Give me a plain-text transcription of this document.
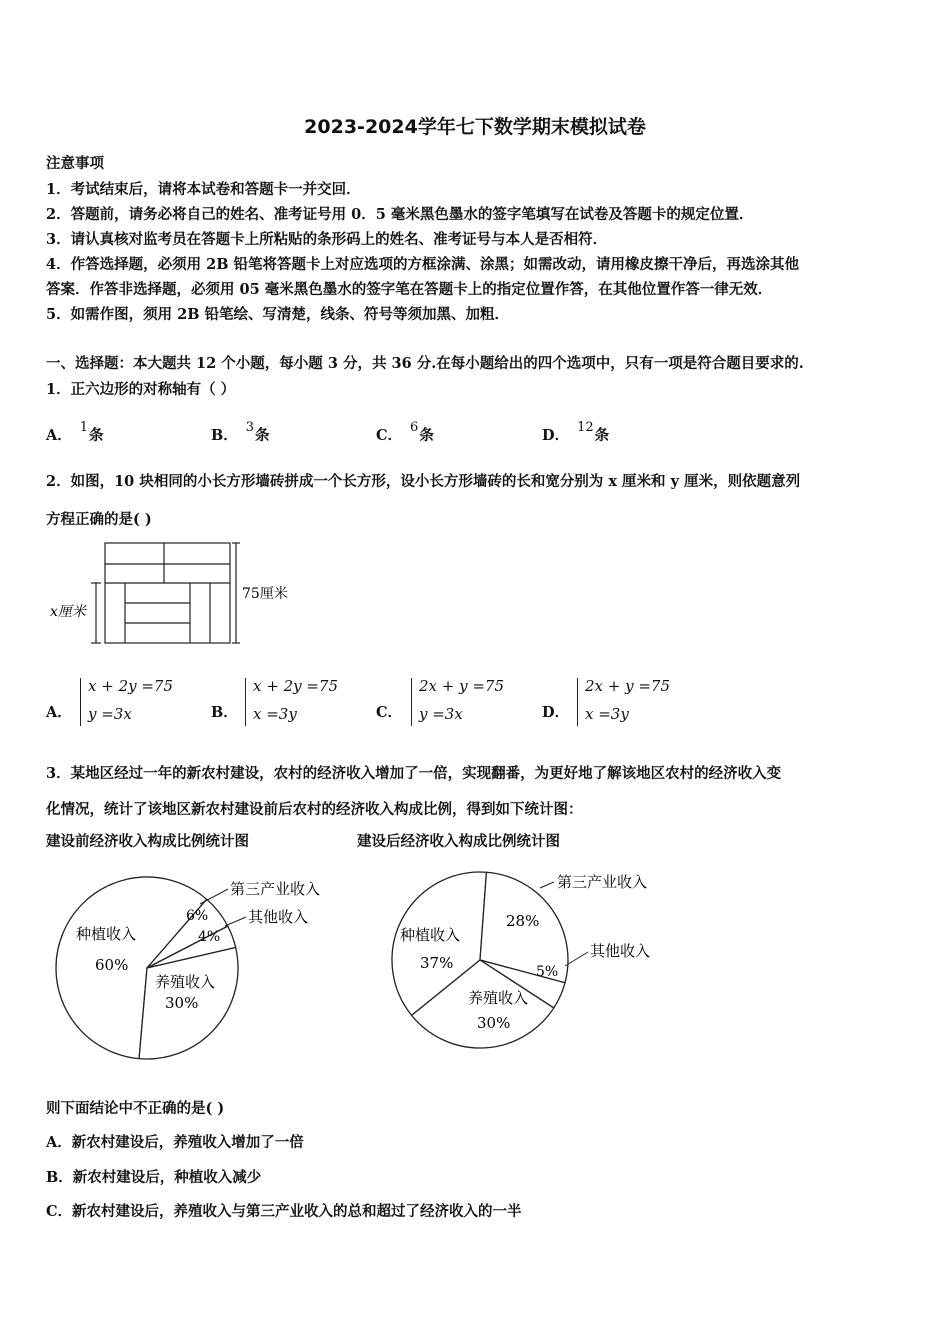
2023-2024学年七下数学期末模拟试卷
注意事项
1．考试结束后，请将本试卷和答题卡一并交回．
2．答题前，请务必将自己的姓名、准考证号用 0．5 毫米黑色墨水的签字笔填写在试卷及答题卡的规定位置．
3．请认真核对监考员在答题卡上所粘贴的条形码上的姓名、准考证号与本人是否相符．
4．作答选择题，必须用 2B 铅笔将答题卡上对应选项的方框涂满、涂黑；如需改动，请用橡皮擦干净后，再选涂其他
答案．作答非选择题，必须用 05 毫米黑色墨水的签字笔在答题卡上的指定位置作答，在其他位置作答一律无效．
5．如需作图，须用 2B 铅笔绘、写清楚，线条、符号等须加黑、加粗．
一、选择题：本大题共 12 个小题，每小题 3 分，共 36 分.在每小题给出的四个选项中，只有一项是符合题目要求的.
1．正六边形的对称轴有（ ）
A． 1条	B． 3条	C． 6条	D． 12条
2．如图，10 块相同的小长方形墙砖拼成一个长方形，设小长方形墙砖的长和宽分别为 x 厘米和 y 厘米，则依题意列
方程正确的是( )
x厘米
75厘米
A．
x + 2y =75
y =3x	B．
x + 2y =75
x =3y	C．
2x + y =75
y =3x	D．
2x + y =75
x =3y
3．某地区经过一年的新农村建设，农村的经济收入增加了一倍，实现翻番，为更好地了解该地区农村的经济收入变
化情况，统计了该地区新农村建设前后农村的经济收入构成比例，得到如下统计图：
建设前经济收入构成比例统计图	建设后经济收入构成比例统计图
种植收入
60%
养殖收入
30%
6%
4%
第三产业收入
其他收入
种植收入
37%
28%
养殖收入
30%
5%
第三产业收入
其他收入
则下面结论中不正确的是( )
A．新农村建设后，养殖收入增加了一倍
B．新农村建设后，种植收入减少
C．新农村建设后，养殖收入与第三产业收入的总和超过了经济收入的一半
